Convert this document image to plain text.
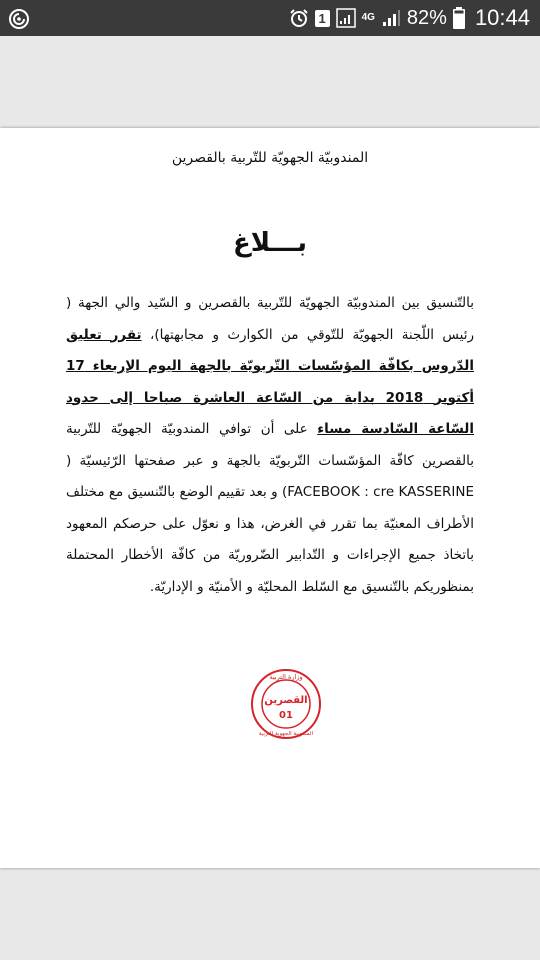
1	4G 82% 10:44
المندوبيّة الجهويّة للتّربية بالقصرين
بـــلاغ
بالتّنسيق بين المندوبيّة الجهويّة للتّربية بالقصرين و السّيد والي الجهة ( رئيس اللّجنة الجهويّة للتّوقي من الكوارث و مجابهتها)، تقرر تعليق الدّروس بكافّة المؤسّسات التّربويّة بالجهة اليوم الإربعاء 17 أكتوبر 2018 بداية من السّاعة العاشرة صباحا إلى حدود السّاعة السّادسة مساء على أن توافي المندوبيّة الجهويّة للتّربية بالقصرين كافّة المؤسّسات التّربويّة بالجهة و عبر صفحتها الرّئيسيّة ( FACEBOOK : cre KASSERINE) و بعد تقييم الوضع بالتّنسيق مع مختلف الأطراف المعنيّة بما تقرر في الغرض، هذا و نعوّل على حرصكم المعهود باتخاذ جميع الإجراءات و التّدابير الضّروريّة من كافّة الأخطار المحتملة بمنظوريكم بالتّنسيق مع السّلط المحليّة و الأمنيّة و الإداريّة.
وزارة التربية
القصرين
01
المندوبية الجهوية للتربية
